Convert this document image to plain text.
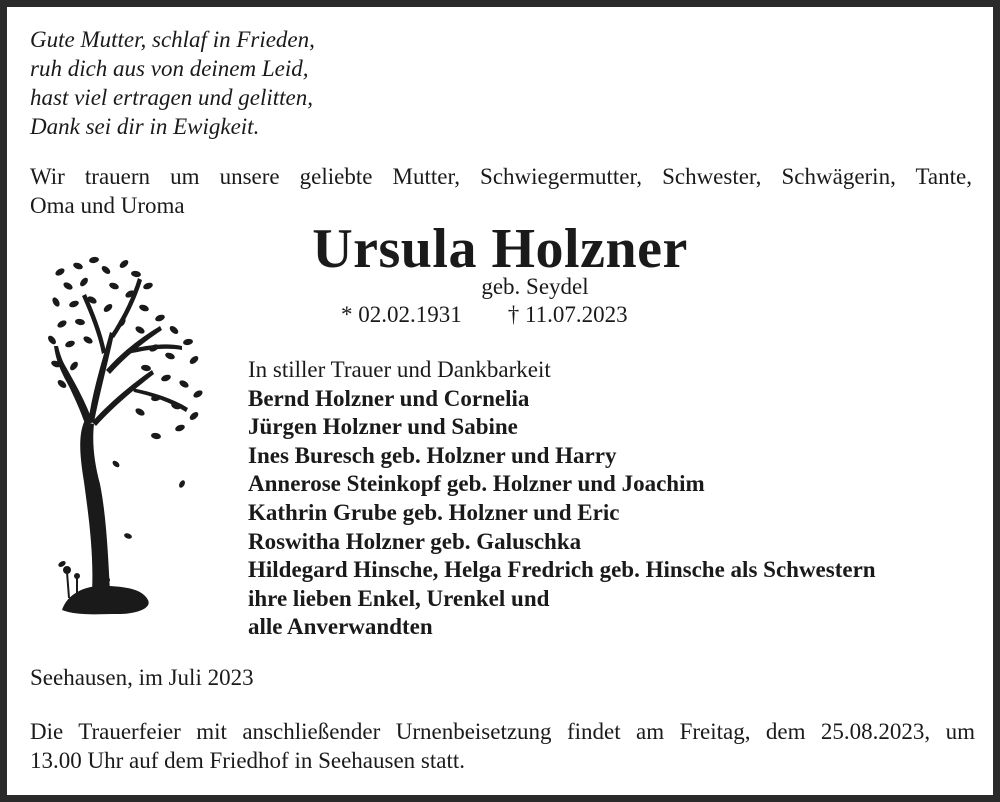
Gute Mutter, schlaf in Frieden,
ruh dich aus von deinem Leid,
hast viel ertragen und gelitten,
Dank sei dir in Ewigkeit.
Wir trauern um unsere geliebte Mutter, Schwiegermutter, Schwester, Schwägerin, Tante,
Oma und Uroma
Ursula Holzner
geb. Seydel
* 02.02.1931 † 11.07.2023
In stiller Trauer und Dankbarkeit
Bernd Holzner und Cornelia
Jürgen Holzner und Sabine
Ines Buresch geb. Holzner und Harry
Annerose Steinkopf geb. Holzner und Joachim
Kathrin Grube geb. Holzner und Eric
Roswitha Holzner geb. Galuschka
Hildegard Hinsche, Helga Fredrich geb. Hinsche als Schwestern
ihre lieben Enkel, Urenkel und
alle Anverwandten
Seehausen, im Juli 2023
Die Trauerfeier mit anschließender Urnenbeisetzung findet am Freitag, dem 25.08.2023, um
13.00 Uhr auf dem Friedhof in Seehausen statt.
